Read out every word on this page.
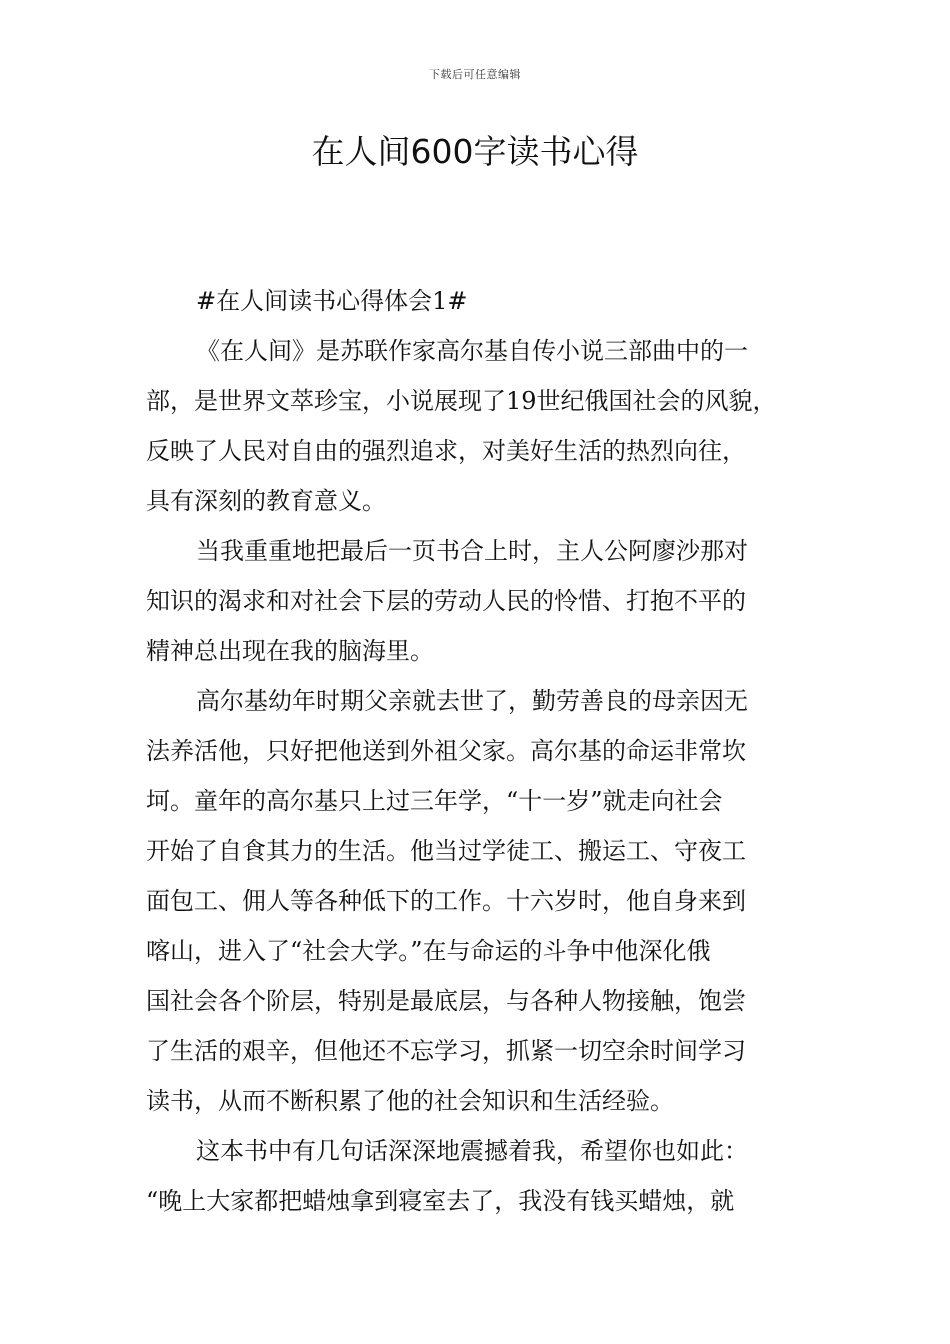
下载后可任意编辑
在人间600字读书心得
#在人间读书心得体会1#
《在人间》是苏联作家高尔基自传小说三部曲中的一
部，是世界文萃珍宝，小说展现了19世纪俄国社会的风貌，
反映了人民对自由的强烈追求，对美好生活的热烈向往，
具有深刻的教育意义。
当我重重地把最后一页书合上时，主人公阿廖沙那对
知识的渴求和对社会下层的劳动人民的怜惜、打抱不平的
精神总出现在我的脑海里。
高尔基幼年时期父亲就去世了，勤劳善良的母亲因无
法养活他，只好把他送到外祖父家。高尔基的命运非常坎
坷。童年的高尔基只上过三年学，“十一岁”就走向社会
开始了自食其力的生活。他当过学徒工、搬运工、守夜工
面包工、佣人等各种低下的工作。十六岁时，他自身来到
喀山，进入了“社会大学。”在与命运的斗争中他深化俄
国社会各个阶层，特别是最底层，与各种人物接触，饱尝
了生活的艰辛，但他还不忘学习，抓紧一切空余时间学习
读书，从而不断积累了他的社会知识和生活经验。
这本书中有几句话深深地震撼着我，希望你也如此：
“晚上大家都把蜡烛拿到寝室去了，我没有钱买蜡烛，就
